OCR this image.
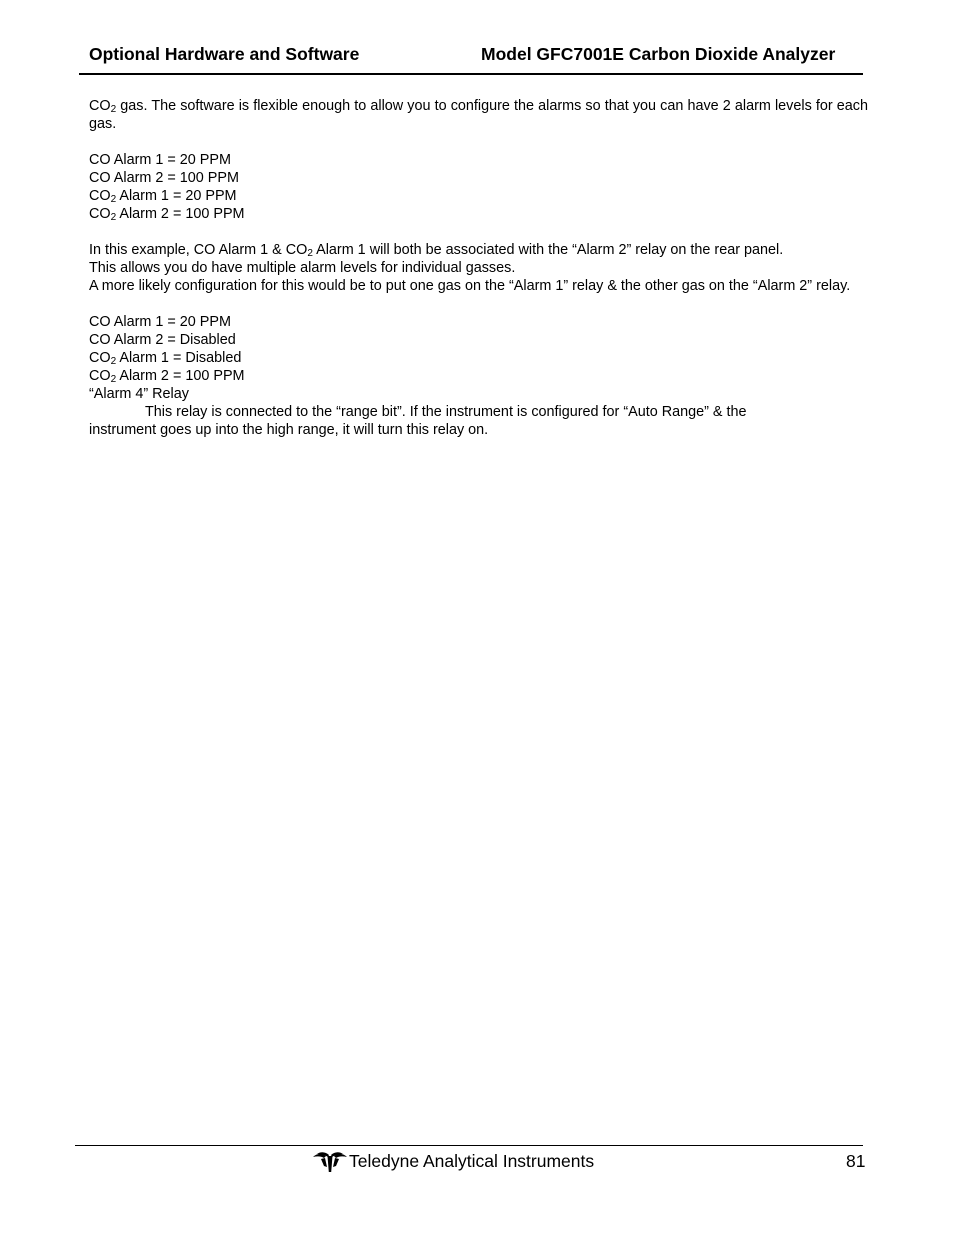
Optional Hardware and Software	Model GFC7001E Carbon Dioxide Analyzer

$CO_2$ gas. The software is flexible enough to allow you to configure the alarms so that you can have 2 alarm levels for each gas.

CO Alarm 1 = 20 PPM

CO Alarm 2 = 100 PPM

$CO_2$ Alarm 1 = 20 PPM

$CO_2$ Alarm 2 = 100 PPM

In this example, CO Alarm 1 & $CO_2$ Alarm 1 will both be associated with the “Alarm 2” relay on the rear panel.

This allows you do have multiple alarm levels for individual gasses.

A more likely configuration for this would be to put one gas on the “Alarm 1” relay & the other gas on the “Alarm 2” relay.

CO Alarm 1 = 20 PPM

CO Alarm 2 = Disabled

$CO_2$ Alarm 1 = Disabled

$CO_2$ Alarm 2 = 100 PPM

“Alarm 4” Relay

This relay is connected to the “range bit”. If the instrument is configured for “Auto Range” & the

instrument goes up into the high range, it will turn this relay on.

Teledyne Analytical Instruments	81
